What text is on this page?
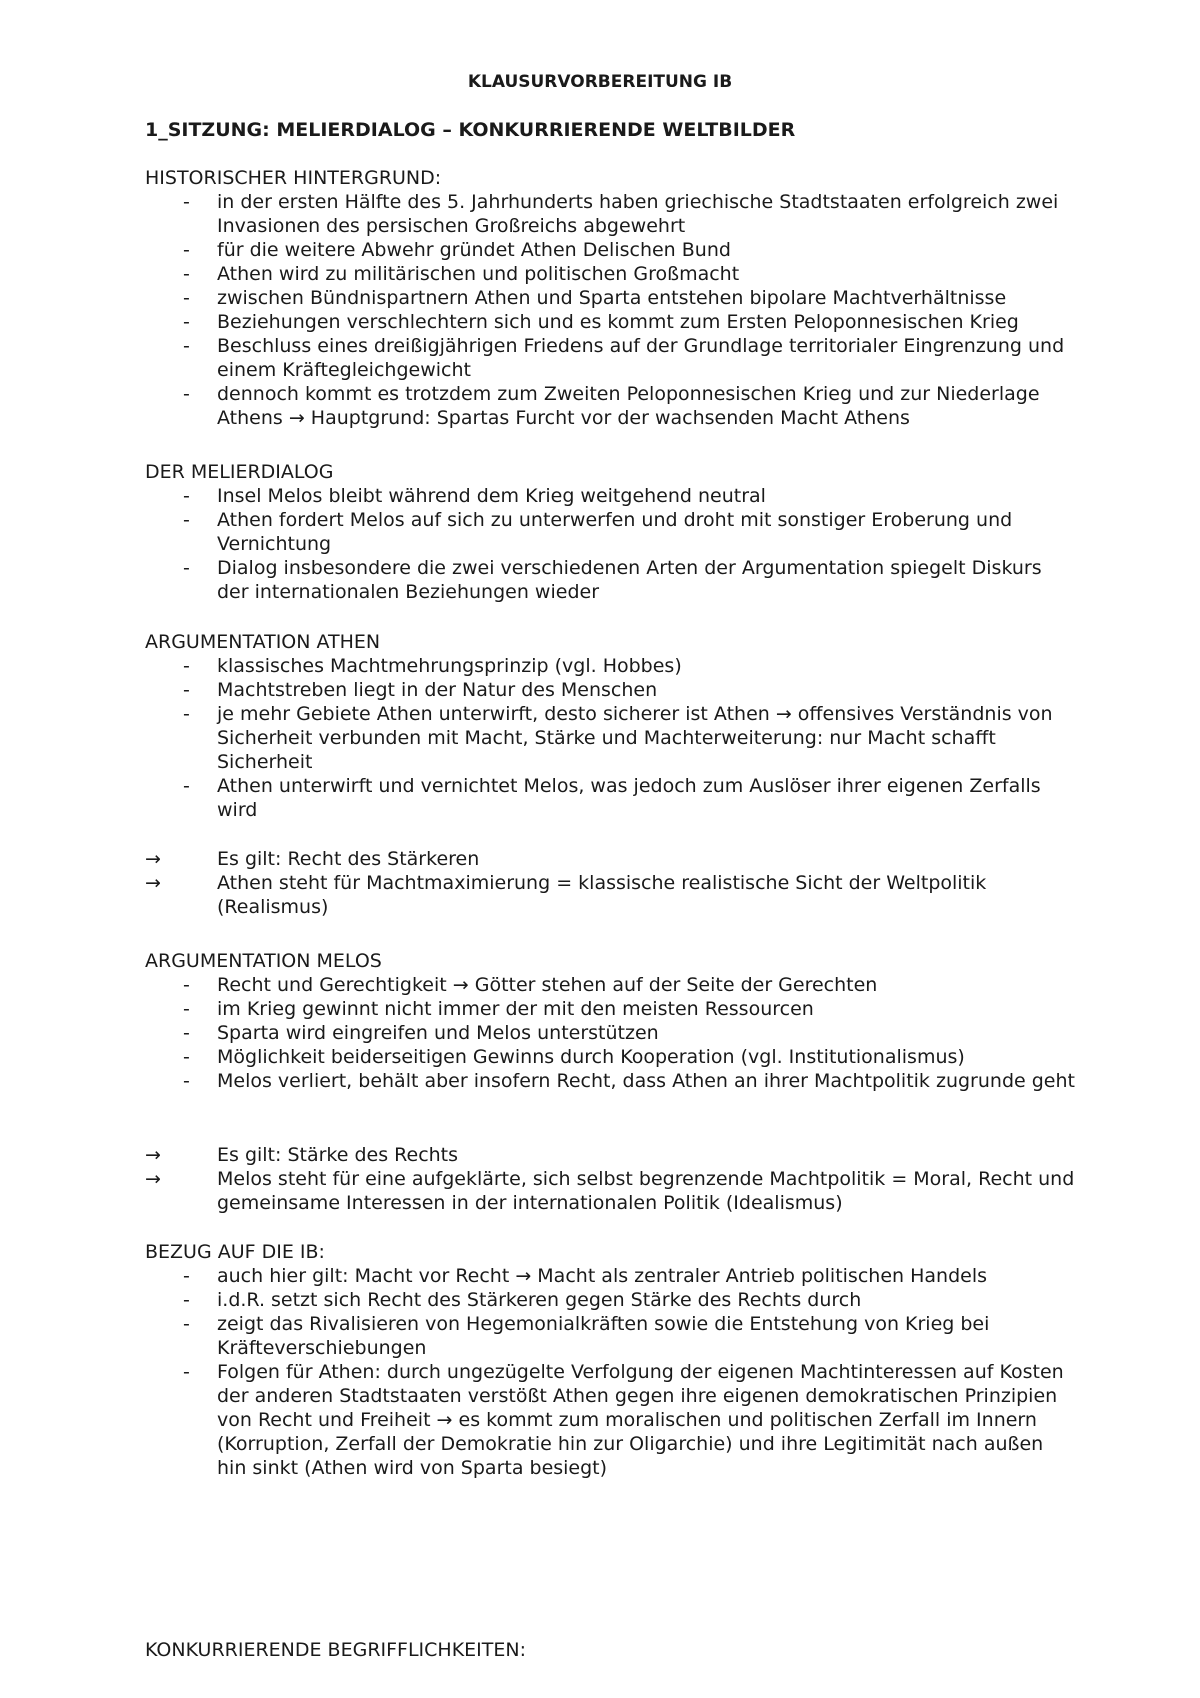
KLAUSURVORBEREITUNG IB
1_SITZUNG: MELIERDIALOG – KONKURRIERENDE WELTBILDER
HISTORISCHER HINTERGRUND:
- in der ersten Hälfte des 5. Jahrhunderts haben griechische Stadtstaaten erfolgreich zwei Invasionen des persischen Großreichs abgewehrt
- für die weitere Abwehr gründet Athen Delischen Bund
- Athen wird zu militärischen und politischen Großmacht
- zwischen Bündnispartnern Athen und Sparta entstehen bipolare Machtverhältnisse
- Beziehungen verschlechtern sich und es kommt zum Ersten Peloponnesischen Krieg
- Beschluss eines dreißigjährigen Friedens auf der Grundlage territorialer Eingrenzung und einem Kräftegleichgewicht
- dennoch kommt es trotzdem zum Zweiten Peloponnesischen Krieg und zur Niederlage Athens → Hauptgrund: Spartas Furcht vor der wachsenden Macht Athens
DER MELIERDIALOG
- Insel Melos bleibt während dem Krieg weitgehend neutral
- Athen fordert Melos auf sich zu unterwerfen und droht mit sonstiger Eroberung und Vernichtung
- Dialog insbesondere die zwei verschiedenen Arten der Argumentation spiegelt Diskurs der internationalen Beziehungen wieder
ARGUMENTATION ATHEN
- klassisches Machtmehrungsprinzip (vgl. Hobbes)
- Machtstreben liegt in der Natur des Menschen
- je mehr Gebiete Athen unterwirft, desto sicherer ist Athen → offensives Verständnis von Sicherheit verbunden mit Macht, Stärke und Machterweiterung: nur Macht schafft Sicherheit
- Athen unterwirft und vernichtet Melos, was jedoch zum Auslöser ihrer eigenen Zerfalls wird
→	Es gilt: Recht des Stärkeren
→	Athen steht für Machtmaximierung = klassische realistische Sicht der Weltpolitik (Realismus)
ARGUMENTATION MELOS
- Recht und Gerechtigkeit → Götter stehen auf der Seite der Gerechten
- im Krieg gewinnt nicht immer der mit den meisten Ressourcen
- Sparta wird eingreifen und Melos unterstützen
- Möglichkeit beiderseitigen Gewinns durch Kooperation (vgl. Institutionalismus)
- Melos verliert, behält aber insofern Recht, dass Athen an ihrer Machtpolitik zugrunde geht
→	Es gilt: Stärke des Rechts
→	Melos steht für eine aufgeklärte, sich selbst begrenzende Machtpolitik = Moral, Recht und gemeinsame Interessen in der internationalen Politik (Idealismus)
BEZUG AUF DIE IB:
- auch hier gilt: Macht vor Recht → Macht als zentraler Antrieb politischen Handels
- i.d.R. setzt sich Recht des Stärkeren gegen Stärke des Rechts durch
- zeigt das Rivalisieren von Hegemonialkräften sowie die Entstehung von Krieg bei Kräfteverschiebungen
- Folgen für Athen: durch ungezügelte Verfolgung der eigenen Machtinteressen auf Kosten der anderen Stadtstaaten verstößt Athen gegen ihre eigenen demokratischen Prinzipien von Recht und Freiheit → es kommt zum moralischen und politischen Zerfall im Innern (Korruption, Zerfall der Demokratie hin zur Oligarchie) und ihre Legitimität nach außen hin sinkt (Athen wird von Sparta besiegt)
KONKURRIERENDE BEGRIFFLICHKEITEN:
